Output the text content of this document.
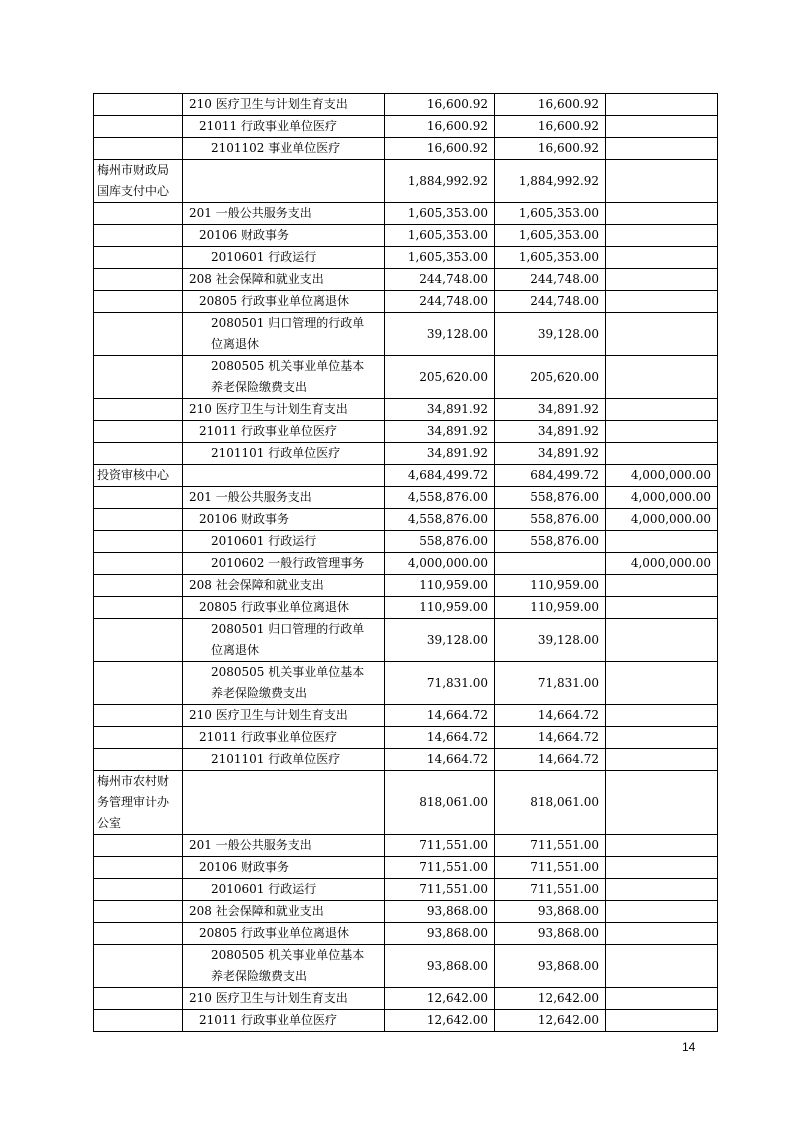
	210 医疗卫生与计划生育支出	16,600.92	16,600.92	
	21011 行政事业单位医疗	16,600.92	16,600.92	
	2101102 事业单位医疗	16,600.92	16,600.92	
梅州市财政局国库支付中心		1,884,992.92	1,884,992.92	
	201 一般公共服务支出	1,605,353.00	1,605,353.00	
	20106 财政事务	1,605,353.00	1,605,353.00	
	2010601 行政运行	1,605,353.00	1,605,353.00	
	208 社会保障和就业支出	244,748.00	244,748.00	
	20805 行政事业单位离退休	244,748.00	244,748.00	
	2080501 归口管理的行政单位离退休	39,128.00	39,128.00	
	2080505 机关事业单位基本养老保险缴费支出	205,620.00	205,620.00	
	210 医疗卫生与计划生育支出	34,891.92	34,891.92	
	21011 行政事业单位医疗	34,891.92	34,891.92	
	2101101 行政单位医疗	34,891.92	34,891.92	
投资审核中心		4,684,499.72	684,499.72	4,000,000.00
	201 一般公共服务支出	4,558,876.00	558,876.00	4,000,000.00
	20106 财政事务	4,558,876.00	558,876.00	4,000,000.00
	2010601 行政运行	558,876.00	558,876.00	
	2010602 一般行政管理事务	4,000,000.00		4,000,000.00
	208 社会保障和就业支出	110,959.00	110,959.00	
	20805 行政事业单位离退休	110,959.00	110,959.00	
	2080501 归口管理的行政单位离退休	39,128.00	39,128.00	
	2080505 机关事业单位基本养老保险缴费支出	71,831.00	71,831.00	
	210 医疗卫生与计划生育支出	14,664.72	14,664.72	
	21011 行政事业单位医疗	14,664.72	14,664.72	
	2101101 行政单位医疗	14,664.72	14,664.72	
梅州市农村财务管理审计办公室		818,061.00	818,061.00	
	201 一般公共服务支出	711,551.00	711,551.00	
	20106 财政事务	711,551.00	711,551.00	
	2010601 行政运行	711,551.00	711,551.00	
	208 社会保障和就业支出	93,868.00	93,868.00	
	20805 行政事业单位离退休	93,868.00	93,868.00	
	2080505 机关事业单位基本养老保险缴费支出	93,868.00	93,868.00	
	210 医疗卫生与计划生育支出	12,642.00	12,642.00	
	21011 行政事业单位医疗	12,642.00	12,642.00	
14
